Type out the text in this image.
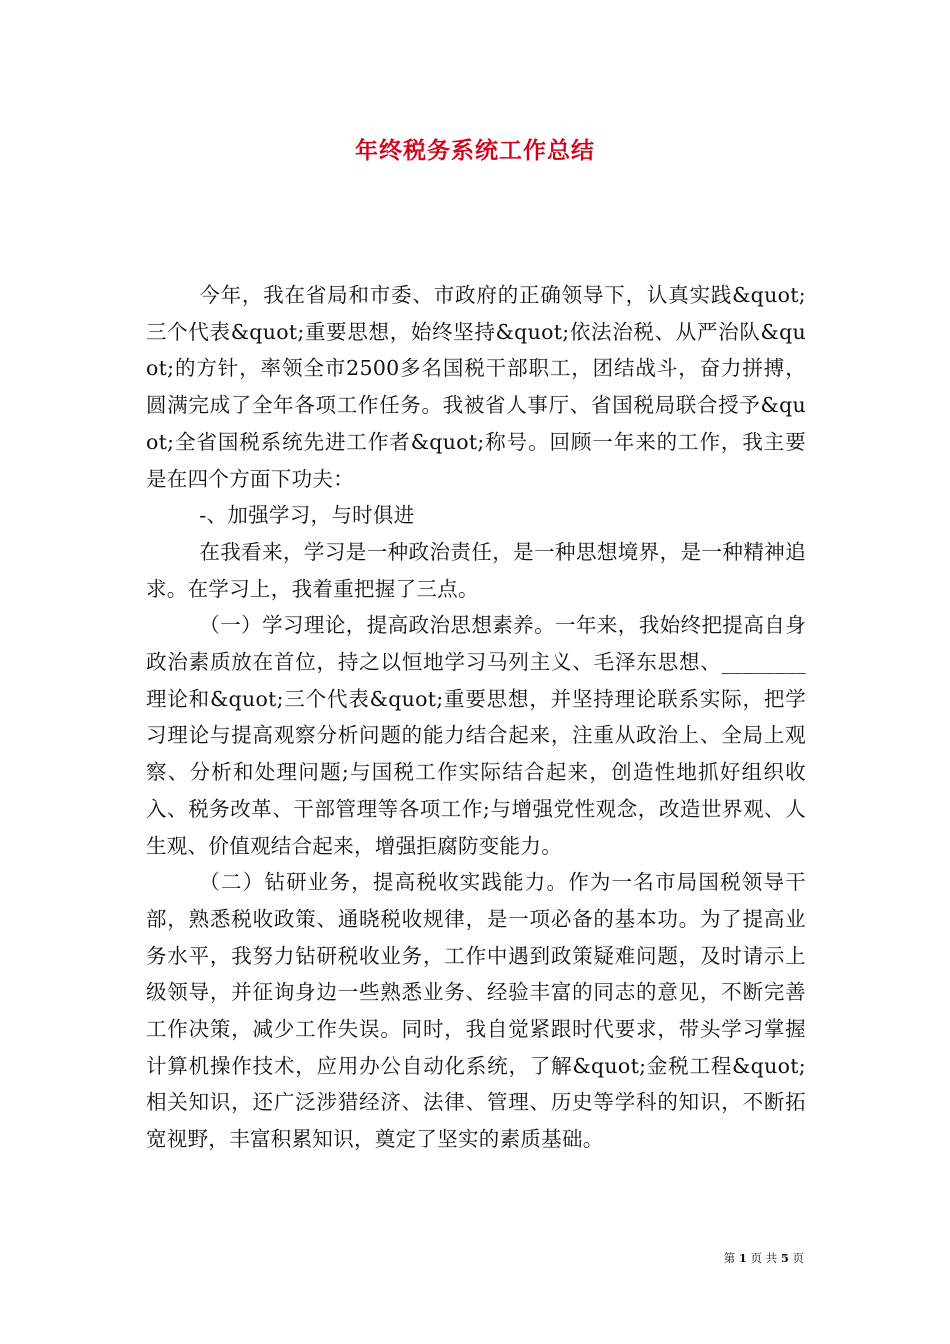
年终税务系统工作总结

今年，我在省局和市委、市政府的正确领导下，认真实践&quot;三个代表&quot;重要思想，始终坚持&quot;依法治税、从严治队&quot;的方针，率领全市2500多名国税干部职工，团结战斗，奋力拼搏，圆满完成了全年各项工作任务。我被省人事厅、省国税局联合授予&quot;全省国税系统先进工作者&quot;称号。回顾一年来的工作，我主要是在四个方面下功夫：

-、加强学习，与时俱进

在我看来，学习是一种政治责任，是一种思想境界，是一种精神追求。在学习上，我着重把握了三点。

（一）学习理论，提高政治思想素养。一年来，我始终把提高自身政治素质放在首位，持之以恒地学习马列主义、毛泽东思想、________理论和&quot;三个代表&quot;重要思想，并坚持理论联系实际，把学习理论与提高观察分析问题的能力结合起来，注重从政治上、全局上观察、分析和处理问题;与国税工作实际结合起来，创造性地抓好组织收入、税务改革、干部管理等各项工作;与增强党性观念，改造世界观、人生观、价值观结合起来，增强拒腐防变能力。

（二）钻研业务，提高税收实践能力。作为一名市局国税领导干部，熟悉税收政策、通晓税收规律，是一项必备的基本功。为了提高业务水平，我努力钻研税收业务，工作中遇到政策疑难问题，及时请示上级领导，并征询身边一些熟悉业务、经验丰富的同志的意见，不断完善工作决策，减少工作失误。同时，我自觉紧跟时代要求，带头学习掌握计算机操作技术，应用办公自动化系统，了解&quot;金税工程&quot;相关知识，还广泛涉猎经济、法律、管理、历史等学科的知识，不断拓宽视野，丰富积累知识，奠定了坚实的素质基础。

第 1 页 共 5 页
